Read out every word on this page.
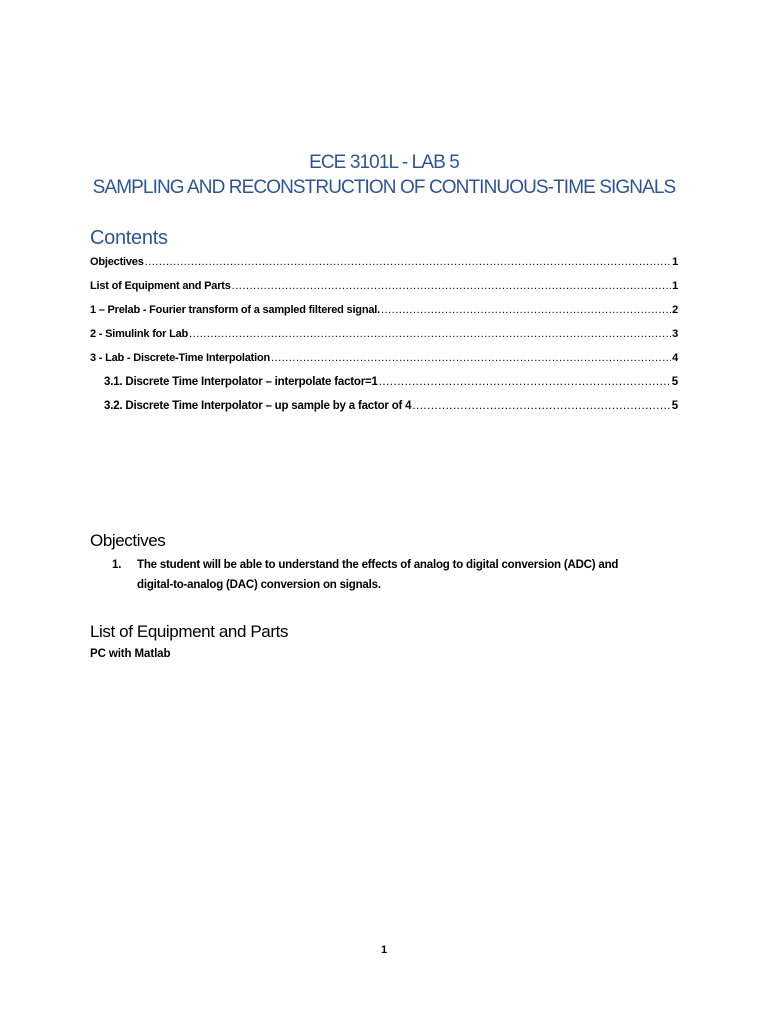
ECE 3101L - LAB 5
SAMPLING AND RECONSTRUCTION OF CONTINUOUS-TIME SIGNALS
Contents
Objectives .....	1
List of Equipment and Parts .....	1
1 – Prelab - Fourier transform of a sampled filtered signal. .....	2
2 - Simulink for Lab .....	3
3 - Lab - Discrete-Time Interpolation .....	4
3.1. Discrete Time Interpolator – interpolate factor=1 .....	5
3.2. Discrete Time Interpolator – up sample by a factor of 4 .....	5
Objectives
1.	The student will be able to understand the effects of analog to digital conversion (ADC) and
digital-to-analog (DAC) conversion on signals.
List of Equipment and Parts
PC with Matlab
1
